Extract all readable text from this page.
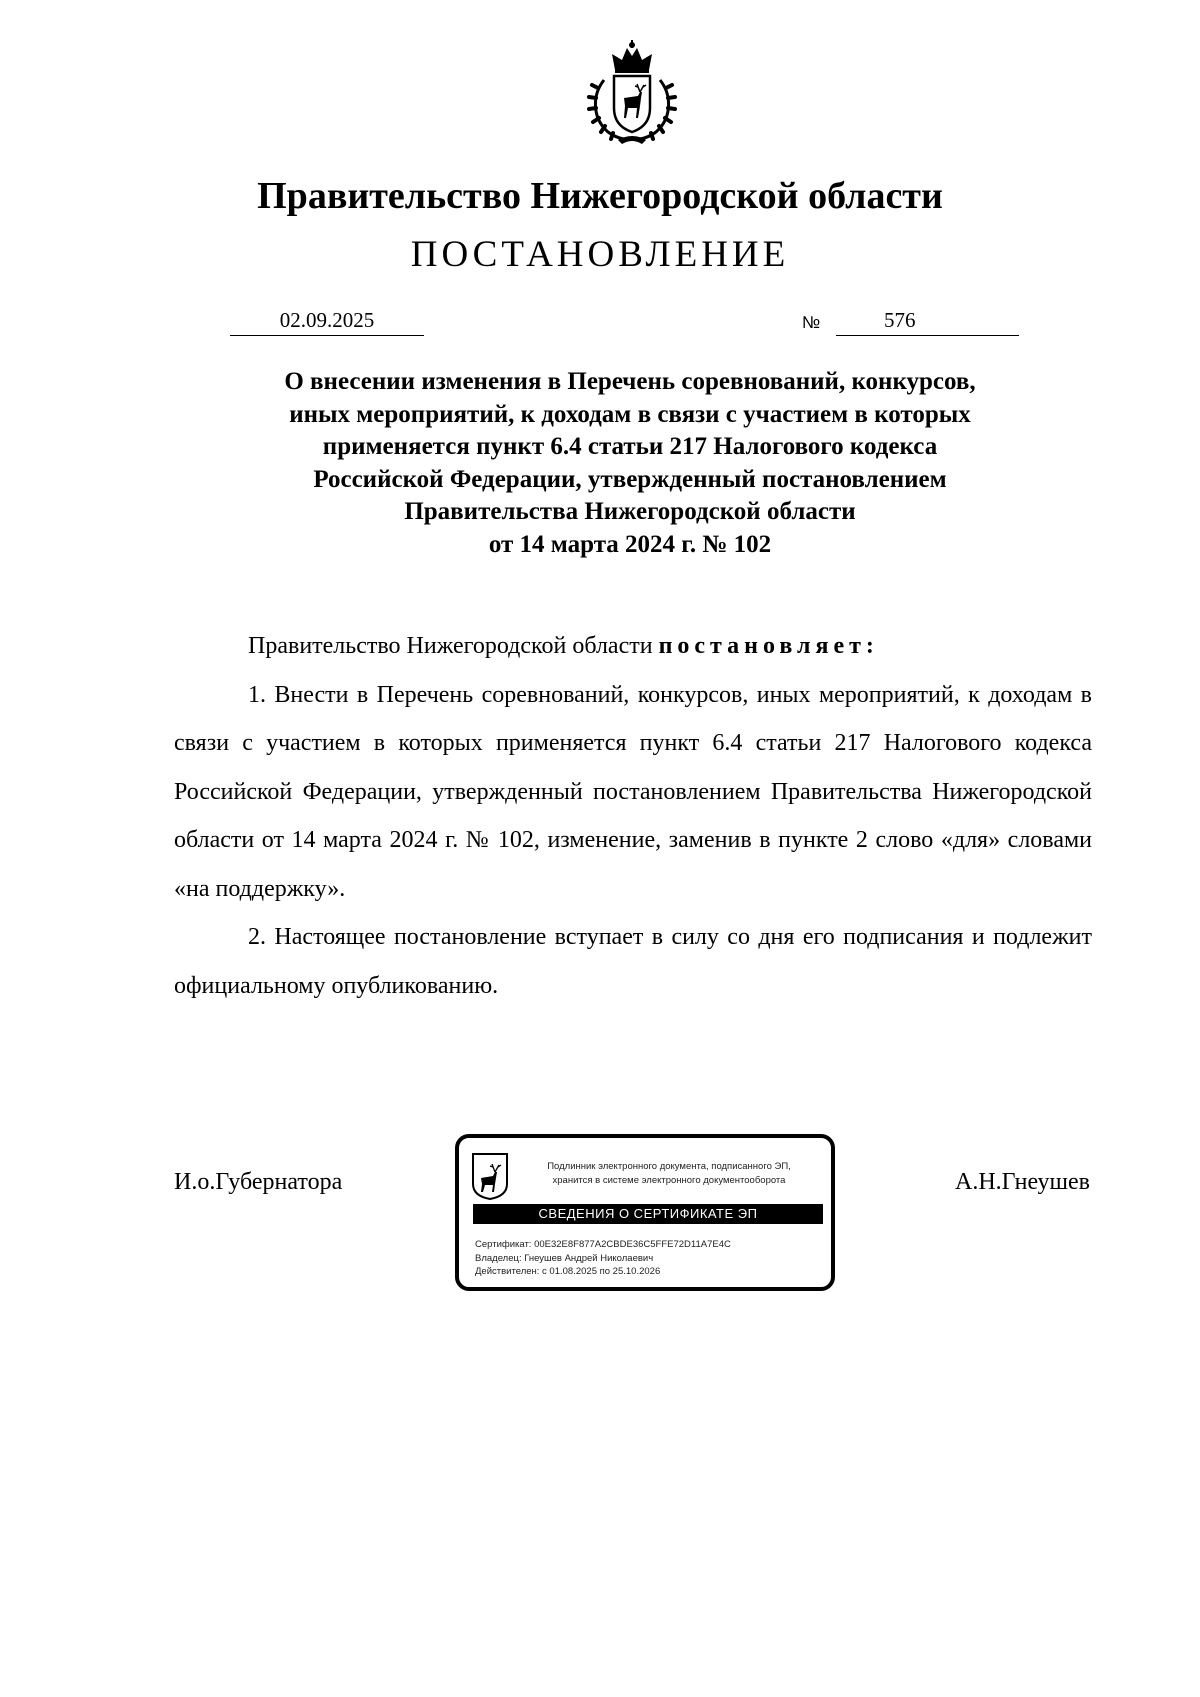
Правительство Нижегородской области
ПОСТАНОВЛЕНИЕ
02.09.2025	№	576
О внесении изменения в Перечень соревнований, конкурсов,
иных мероприятий, к доходам в связи с участием в которых
применяется пункт 6.4 статьи 217 Налогового кодекса
Российской Федерации, утвержденный постановлением
Правительства Нижегородской области
от 14 марта 2024 г. № 102
Правительство Нижегородской области постановляет:

1. Внести в Перечень соревнований, конкурсов, иных мероприятий, к доходам в связи с участием в которых применяется пункт 6.4 статьи 217 Налогового кодекса Российской Федерации, утвержденный постановлением Правительства Нижегородской области от 14 марта 2024 г. № 102, изменение, заменив в пункте 2 слово «для» словами «на поддержку».

2. Настоящее постановление вступает в силу со дня его подписания и подлежит официальному опубликованию.

И.о.Губернатора	А.Н.Гнеушев
Подлинник электронного документа, подписанного ЭП,
хранится в системе электронного документооборота
СВЕДЕНИЯ О СЕРТИФИКАТЕ ЭП
Сертификат: 00E32E8F877A2CBDE36C5FFE72D11A7E4C
Владелец: Гнеушев Андрей Николаевич
Действителен: с 01.08.2025 по 25.10.2026
